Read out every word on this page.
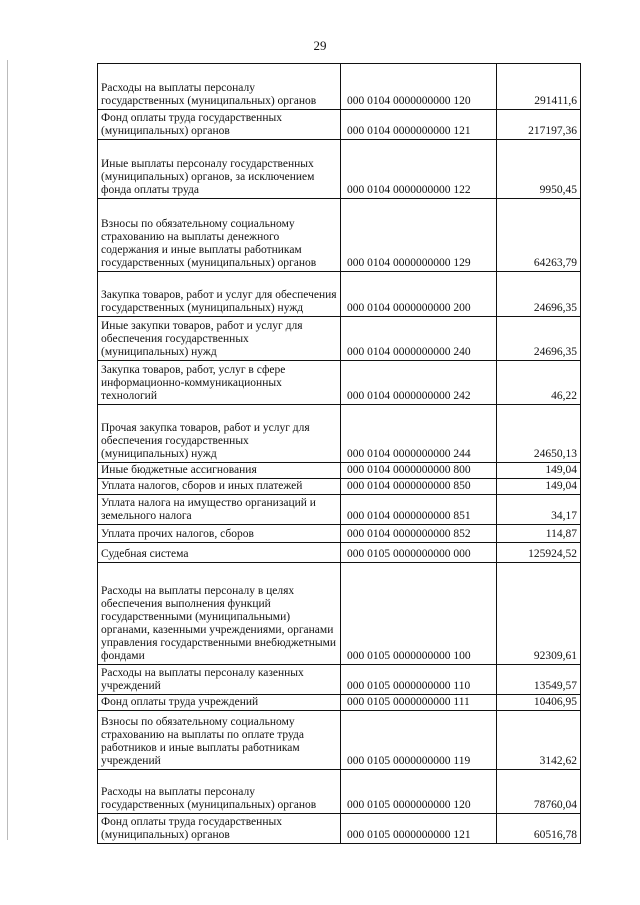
29
Расходы на выплаты персоналу государственных (муниципальных) органов	000 0104 0000000000 120	291411,6
Фонд оплаты труда государственных (муниципальных) органов	000 0104 0000000000 121	217197,36
Иные выплаты персоналу государственных (муниципальных) органов, за исключением фонда оплаты труда	000 0104 0000000000 122	9950,45
Взносы по обязательному социальному страхованию на выплаты денежного содержания и иные выплаты работникам государственных (муниципальных) органов	000 0104 0000000000 129	64263,79
Закупка товаров, работ и услуг для обеспечения государственных (муниципальных) нужд	000 0104 0000000000 200	24696,35
Иные закупки товаров, работ и услуг для обеспечения государственных (муниципальных) нужд	000 0104 0000000000 240	24696,35
Закупка товаров, работ, услуг в сфере информационно-коммуникационных технологий	000 0104 0000000000 242	46,22
Прочая закупка товаров, работ и услуг для обеспечения государственных (муниципальных) нужд	000 0104 0000000000 244	24650,13
Иные бюджетные ассигнования	000 0104 0000000000 800	149,04
Уплата налогов, сборов и иных платежей	000 0104 0000000000 850	149,04
Уплата налога на имущество организаций и земельного налога	000 0104 0000000000 851	34,17
Уплата прочих налогов, сборов	000 0104 0000000000 852	114,87
Судебная система	000 0105 0000000000 000	125924,52
Расходы на выплаты персоналу в целях обеспечения выполнения функций государственными (муниципальными) органами, казенными учреждениями, органами управления государственными внебюджетными фондами	000 0105 0000000000 100	92309,61
Расходы на выплаты персоналу казенных учреждений	000 0105 0000000000 110	13549,57
Фонд оплаты труда учреждений	000 0105 0000000000 111	10406,95
Взносы по обязательному социальному страхованию на выплаты по оплате труда работников и иные выплаты работникам учреждений	000 0105 0000000000 119	3142,62
Расходы на выплаты персоналу государственных (муниципальных) органов	000 0105 0000000000 120	78760,04
Фонд оплаты труда государственных (муниципальных) органов	000 0105 0000000000 121	60516,78
